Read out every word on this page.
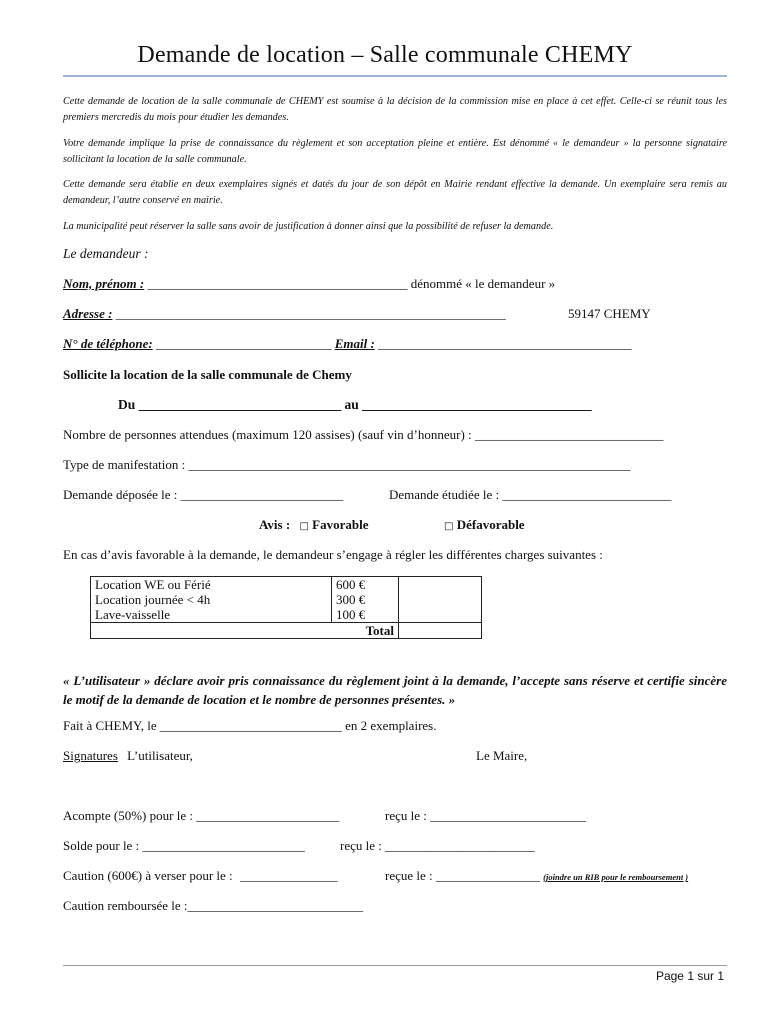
Demande de location – Salle communale CHEMY
Cette demande de location de la salle communale de CHEMY est soumise à la décision de la commission mise en place à cet effet. Celle-ci se réunit tous les premiers mercredis du mois pour étudier les demandes.
Votre demande implique la prise de connaissance du règlement et son acceptation pleine et entière. Est dénommé « le demandeur » la personne signataire sollicitant la location de la salle communale.
Cette demande sera établie en deux exemplaires signés et datés du jour de son dépôt en Mairie rendant effective la demande. Un exemplaire sera remis au demandeur, l’autre conservé en mairie.
La municipalité peut réserver la salle sans avoir de justification à donner ainsi que la possibilité de refuser la demande.
Le demandeur :
Nom, prénom : ________________________________________ dénommé « le demandeur »
Adresse : ____________________________________________________________	59147 CHEMY
N° de téléphone: ___________________________ Email : _______________________________________
Sollicite la location de la salle communale de Chemy
Du ______________________________ au __________________________________
Nombre de personnes attendues (maximum 120 assises) (sauf vin d’honneur) : _____________________________
Type de manifestation : ____________________________________________________________________
Demande déposée le : _________________________	Demande étudiée le : __________________________
Avis : □ Favorable	□ Défavorable
En cas d’avis favorable à la demande, le demandeur s’engage à régler les différentes charges suivantes :
Location WE ou Férié	600 €	
Location journée < 4h	300 €	
Lave-vaisselle	100 €	
	Total	
« L’utilisateur » déclare avoir pris connaissance du règlement joint à la demande, l’accepte sans réserve et certifie sincère le motif de la demande de location et le nombre de personnes présentes. »
Fait à CHEMY, le ____________________________ en 2 exemplaires.
Signatures L’utilisateur,	Le Maire,
Acompte (50%) pour le : ______________________	reçu le : ________________________
Solde pour le : _________________________	reçu le : _______________________
Caution (600€) à verser pour le : _______________	reçue le : ________________ (joindre un RIB pour le remboursement )
Caution remboursée le :___________________________
Page 1 sur 1
